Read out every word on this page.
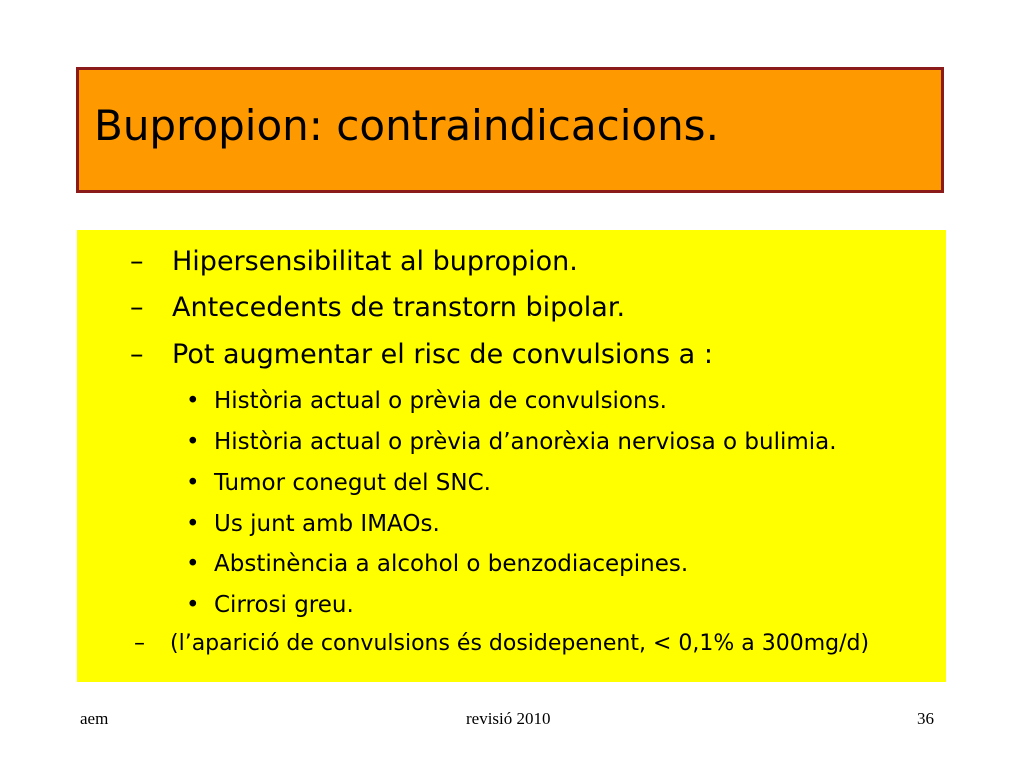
Bupropion: contraindicacions.
– Hipersensibilitat al bupropion.
– Antecedents de transtorn bipolar.
– Pot augmentar el risc de convulsions a :
• Història actual o prèvia de convulsions.
• Història actual o prèvia d’anorèxia nerviosa o bulimia.
• Tumor conegut del SNC.
• Us junt amb IMAOs.
• Abstinència a alcohol o benzodiacepines.
• Cirrosi greu.
– (l’aparició de convulsions és dosidepenent, < 0,1% a 300mg/d)
aem	revisió 2010	36
